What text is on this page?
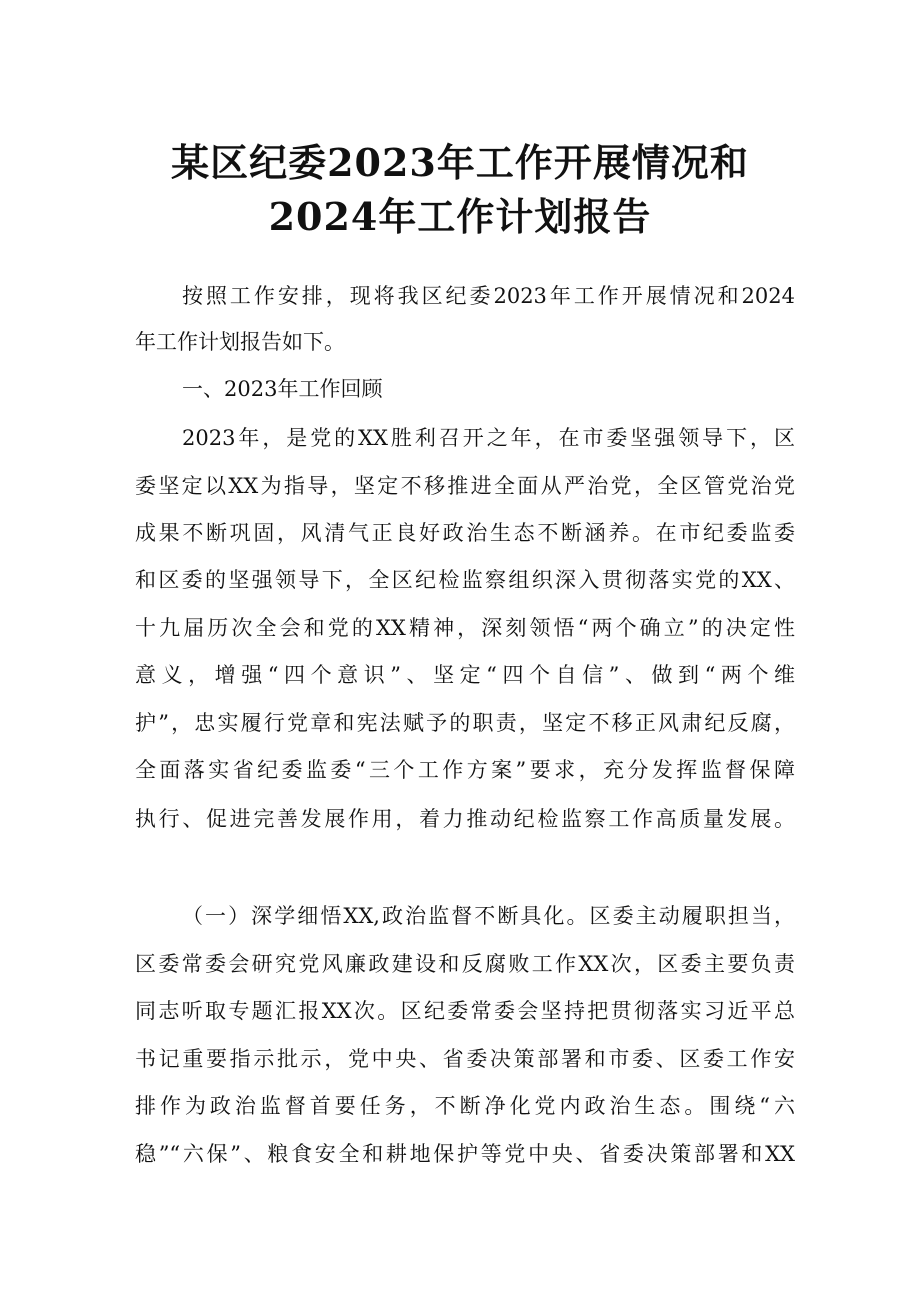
某区纪委2023年工作开展情况和
2024年工作计划报告
按照工作安排，现将我区纪委2023年工作开展情况和2024
年工作计划报告如下。
一、2023年工作回顾
2023年，是党的XX胜利召开之年，在市委坚强领导下，区
委坚定以XX为指导，坚定不移推进全面从严治党，全区管党治党
成果不断巩固，风清气正良好政治生态不断涵养。在市纪委监委
和区委的坚强领导下，全区纪检监察组织深入贯彻落实党的XX、
十九届历次全会和党的XX精神，深刻领悟“两个确立”的决定性
意义，增强“四个意识”、坚定“四个自信”、做到“两个维
护”，忠实履行党章和宪法赋予的职责，坚定不移正风肃纪反腐，
全面落实省纪委监委“三个工作方案”要求，充分发挥监督保障
执行、促进完善发展作用，着力推动纪检监察工作高质量发展。
（一）深学细悟XX,政治监督不断具化。区委主动履职担当，
区委常委会研究党风廉政建设和反腐败工作XX次，区委主要负责
同志听取专题汇报XX次。区纪委常委会坚持把贯彻落实习近平总
书记重要指示批示，党中央、省委决策部署和市委、区委工作安
排作为政治监督首要任务，不断净化党内政治生态。围绕“六
稳”“六保”、粮食安全和耕地保护等党中央、省委决策部署和XX
